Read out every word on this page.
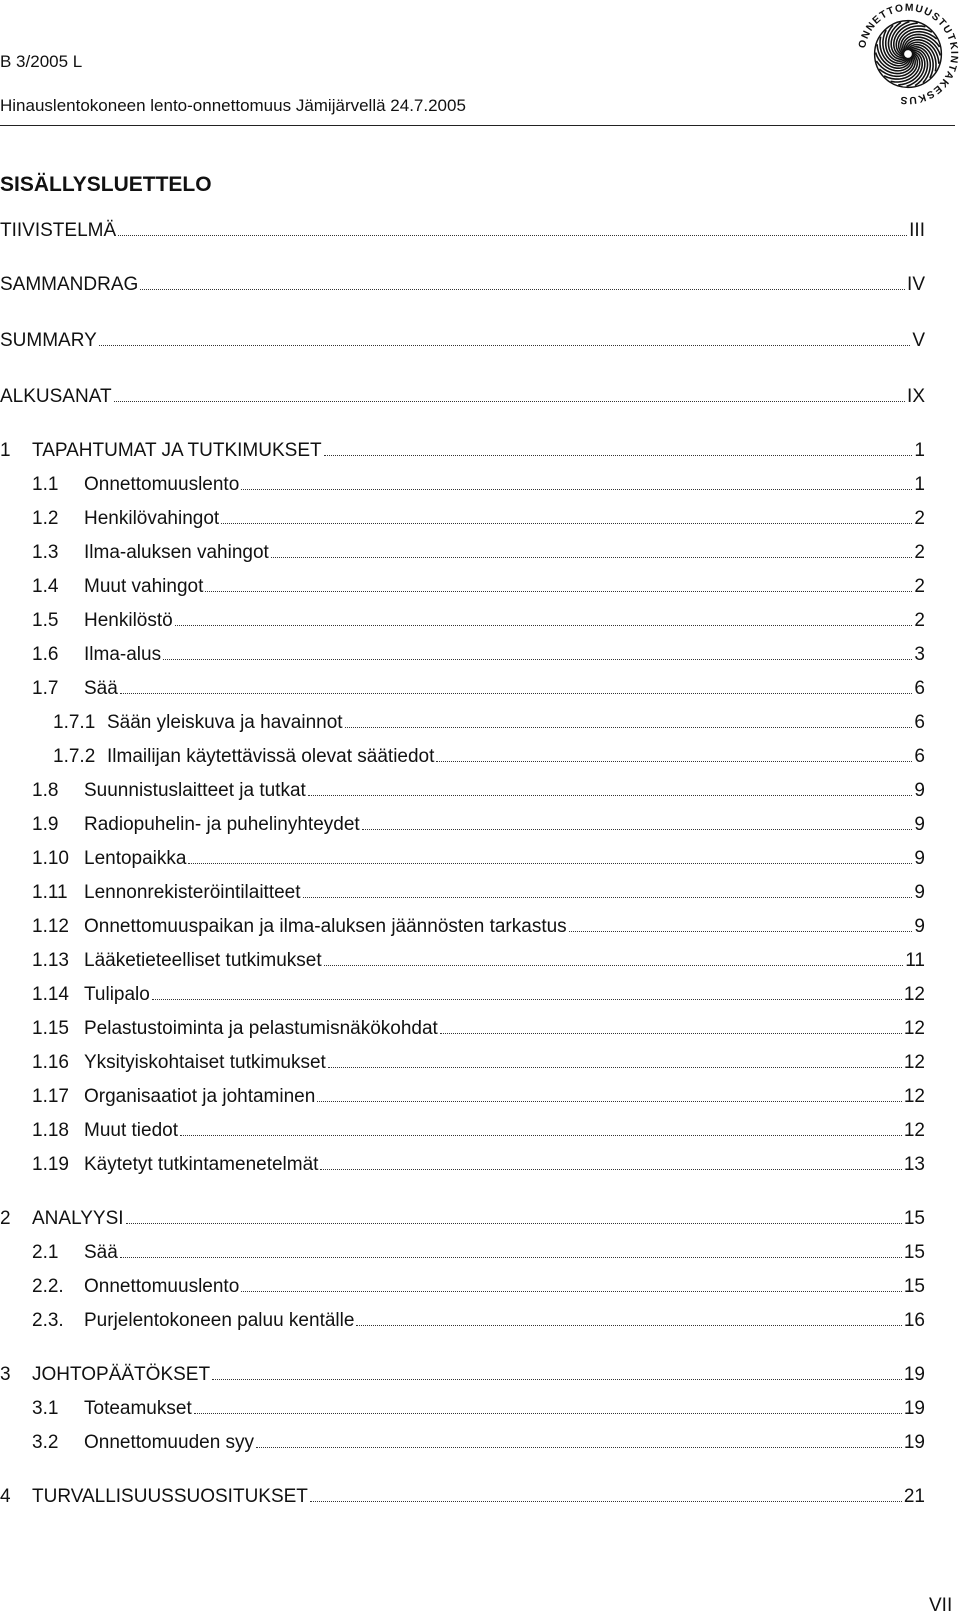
B 3/2005 L
Hinauslentokoneen lento-onnettomuus Jämijärvellä 24.7.2005
ONNETTOMUUSTUTKINTAKESKUS
SISÄLLYSLUETTELO
TIIVISTELMÄ	III
SAMMANDRAG	IV
SUMMARY	V
ALKUSANAT	IX
1 TAPAHTUMAT JA TUTKIMUKSET	1
1.1 Onnettomuuslento	1
1.2 Henkilövahingot	2
1.3 Ilma-aluksen vahingot	2
1.4 Muut vahingot	2
1.5 Henkilöstö	2
1.6 Ilma-alus	3
1.7 Sää	6
1.7.1 Sään yleiskuva ja havainnot	6
1.7.2 Ilmailijan käytettävissä olevat säätiedot	6
1.8 Suunnistuslaitteet ja tutkat	9
1.9 Radiopuhelin- ja puhelinyhteydet	9
1.10 Lentopaikka	9
1.11 Lennonrekisteröintilaitteet	9
1.12 Onnettomuuspaikan ja ilma-aluksen jäännösten tarkastus	9
1.13 Lääketieteelliset tutkimukset	11
1.14 Tulipalo	12
1.15 Pelastustoiminta ja pelastumisnäkökohdat	12
1.16 Yksityiskohtaiset tutkimukset	12
1.17 Organisaatiot ja johtaminen	12
1.18 Muut tiedot	12
1.19 Käytetyt tutkintamenetelmät	13
2 ANALYYSI	15
2.1 Sää	15
2.2. Onnettomuuslento	15
2.3. Purjelentokoneen paluu kentälle	16
3 JOHTOPÄÄTÖKSET	19
3.1 Toteamukset	19
3.2 Onnettomuuden syy	19
4 TURVALLISUUSSUOSITUKSET	21
VII
